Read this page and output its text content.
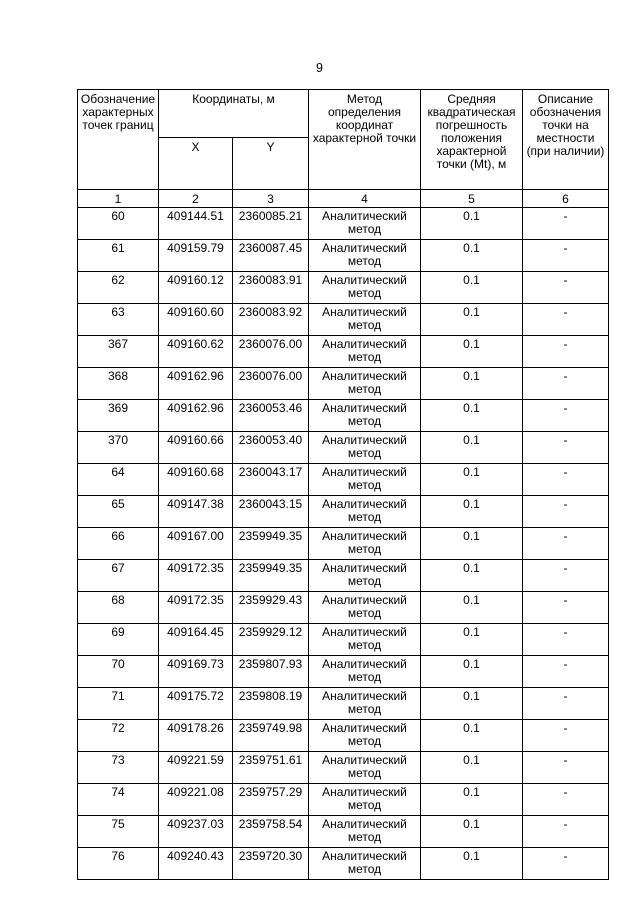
9
Обозначение характерных точек границ	Координаты, м		Метод определения координат характерной точки	Средняя квадратическая погрешность положения характерной точки (Mt), м	Описание обозначения точки на местности (при наличии)
	X	Y			
1	2	3	4	5	6
60	409144.51	2360085.21	Аналитический метод	0.1	-
61	409159.79	2360087.45	Аналитический метод	0.1	-
62	409160.12	2360083.91	Аналитический метод	0.1	-
63	409160.60	2360083.92	Аналитический метод	0.1	-
367	409160.62	2360076.00	Аналитический метод	0.1	-
368	409162.96	2360076.00	Аналитический метод	0.1	-
369	409162.96	2360053.46	Аналитический метод	0.1	-
370	409160.66	2360053.40	Аналитический метод	0.1	-
64	409160.68	2360043.17	Аналитический метод	0.1	-
65	409147.38	2360043.15	Аналитический метод	0.1	-
66	409167.00	2359949.35	Аналитический метод	0.1	-
67	409172.35	2359949.35	Аналитический метод	0.1	-
68	409172.35	2359929.43	Аналитический метод	0.1	-
69	409164.45	2359929.12	Аналитический метод	0.1	-
70	409169.73	2359807.93	Аналитический метод	0.1	-
71	409175.72	2359808.19	Аналитический метод	0.1	-
72	409178.26	2359749.98	Аналитический метод	0.1	-
73	409221.59	2359751.61	Аналитический метод	0.1	-
74	409221.08	2359757.29	Аналитический метод	0.1	-
75	409237.03	2359758.54	Аналитический метод	0.1	-
76	409240.43	2359720.30	Аналитический метод	0.1	-
